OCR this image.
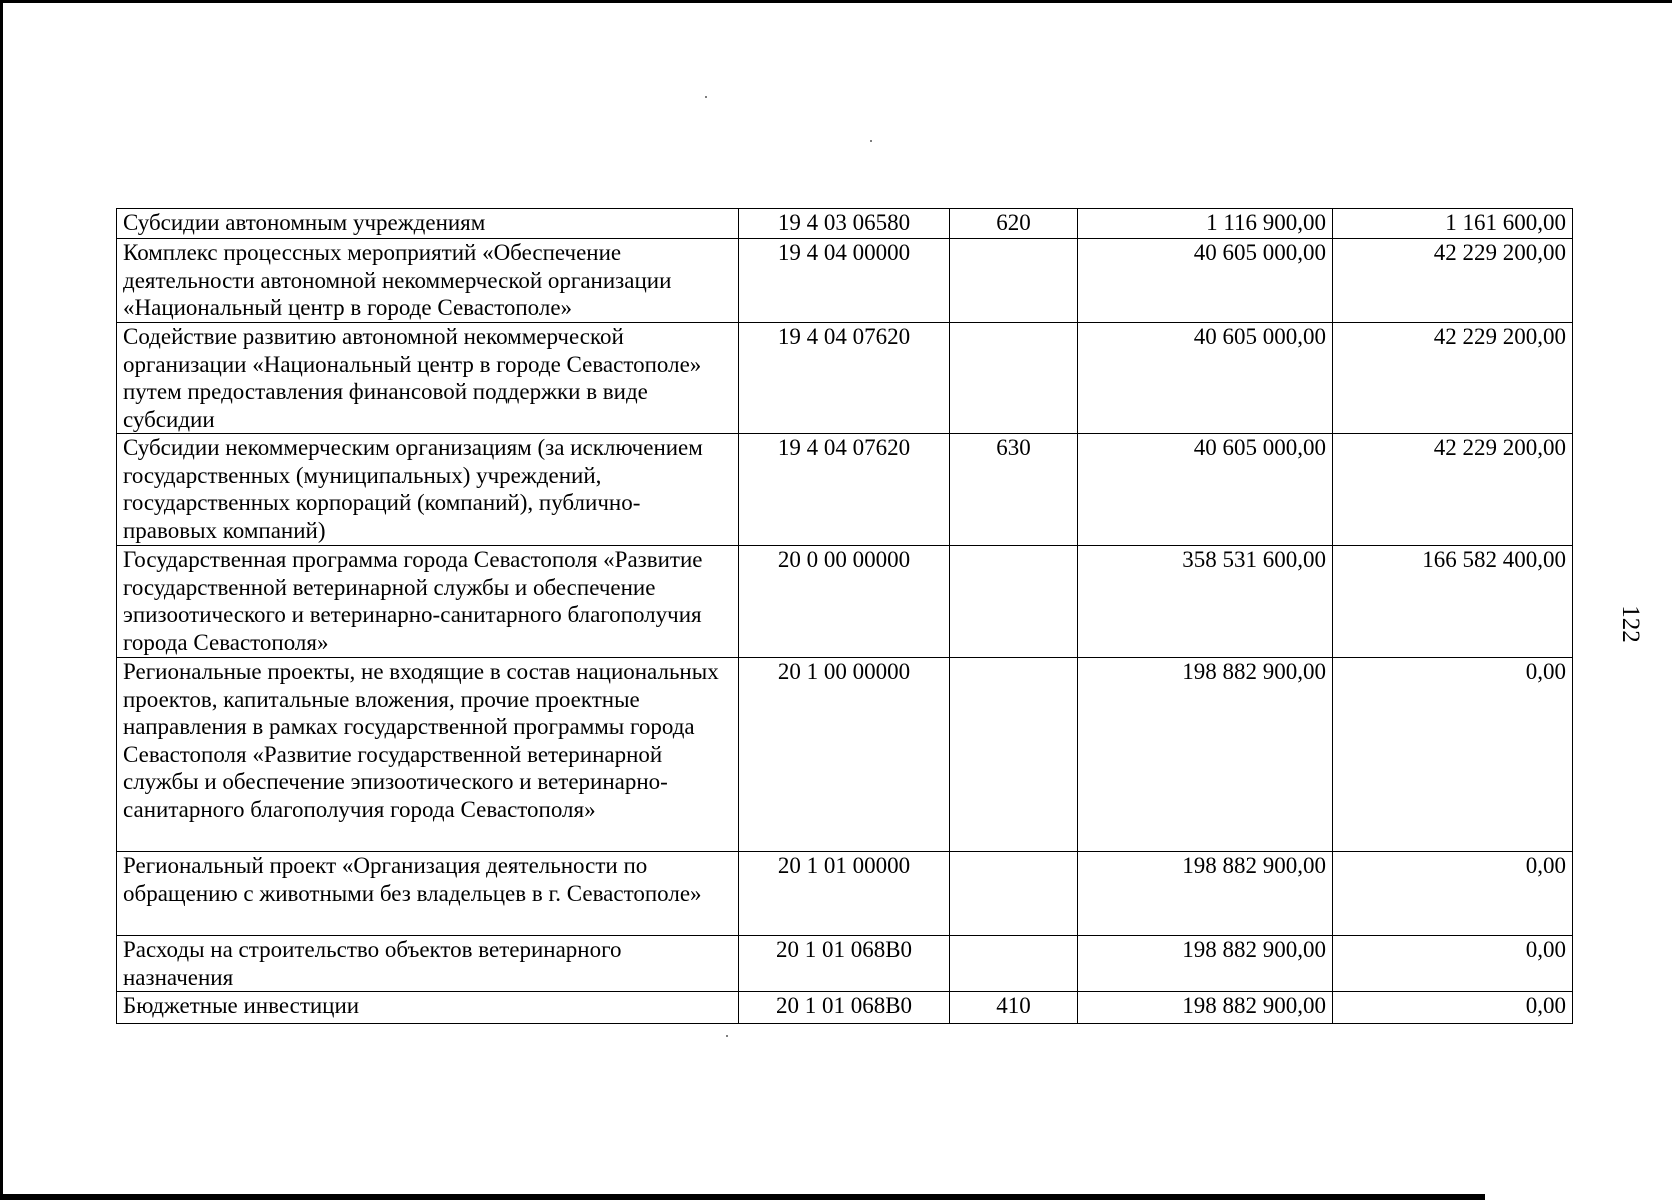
Субсидии автономным учреждениям	19 4 03 06580	620	1 116 900,00	1 161 600,00
Комплекс процессных мероприятий «Обеспечение деятельности автономной некоммерческой организации «Национальный центр в городе Севастополе»	19 4 04 00000		40 605 000,00	42 229 200,00
Содействие развитию автономной некоммерческой организации «Национальный центр в городе Севастополе» путем предоставления финансовой поддержки в виде субсидии	19 4 04 07620		40 605 000,00	42 229 200,00
Субсидии некоммерческим организациям (за исключением государственных (муниципальных) учреждений, государственных корпораций (компаний), публично-правовых компаний)	19 4 04 07620	630	40 605 000,00	42 229 200,00
Государственная программа города Севастополя «Развитие государственной ветеринарной службы и обеспечение эпизоотического и ветеринарно-санитарного благополучия города Севастополя»	20 0 00 00000		358 531 600,00	166 582 400,00
Региональные проекты, не входящие в состав национальных проектов, капитальные вложения, прочие проектные направления в рамках государственной программы города Севастополя «Развитие государственной ветеринарной службы и обеспечение эпизоотического и ветеринарно-санитарного благополучия города Севастополя»	20 1 00 00000		198 882 900,00	0,00
Региональный проект «Организация деятельности по обращению с животными без владельцев в г. Севастополе»	20 1 01 00000		198 882 900,00	0,00
Расходы на строительство объектов ветеринарного назначения	20 1 01 068В0		198 882 900,00	0,00
Бюджетные инвестиции	20 1 01 068В0	410	198 882 900,00	0,00
122
